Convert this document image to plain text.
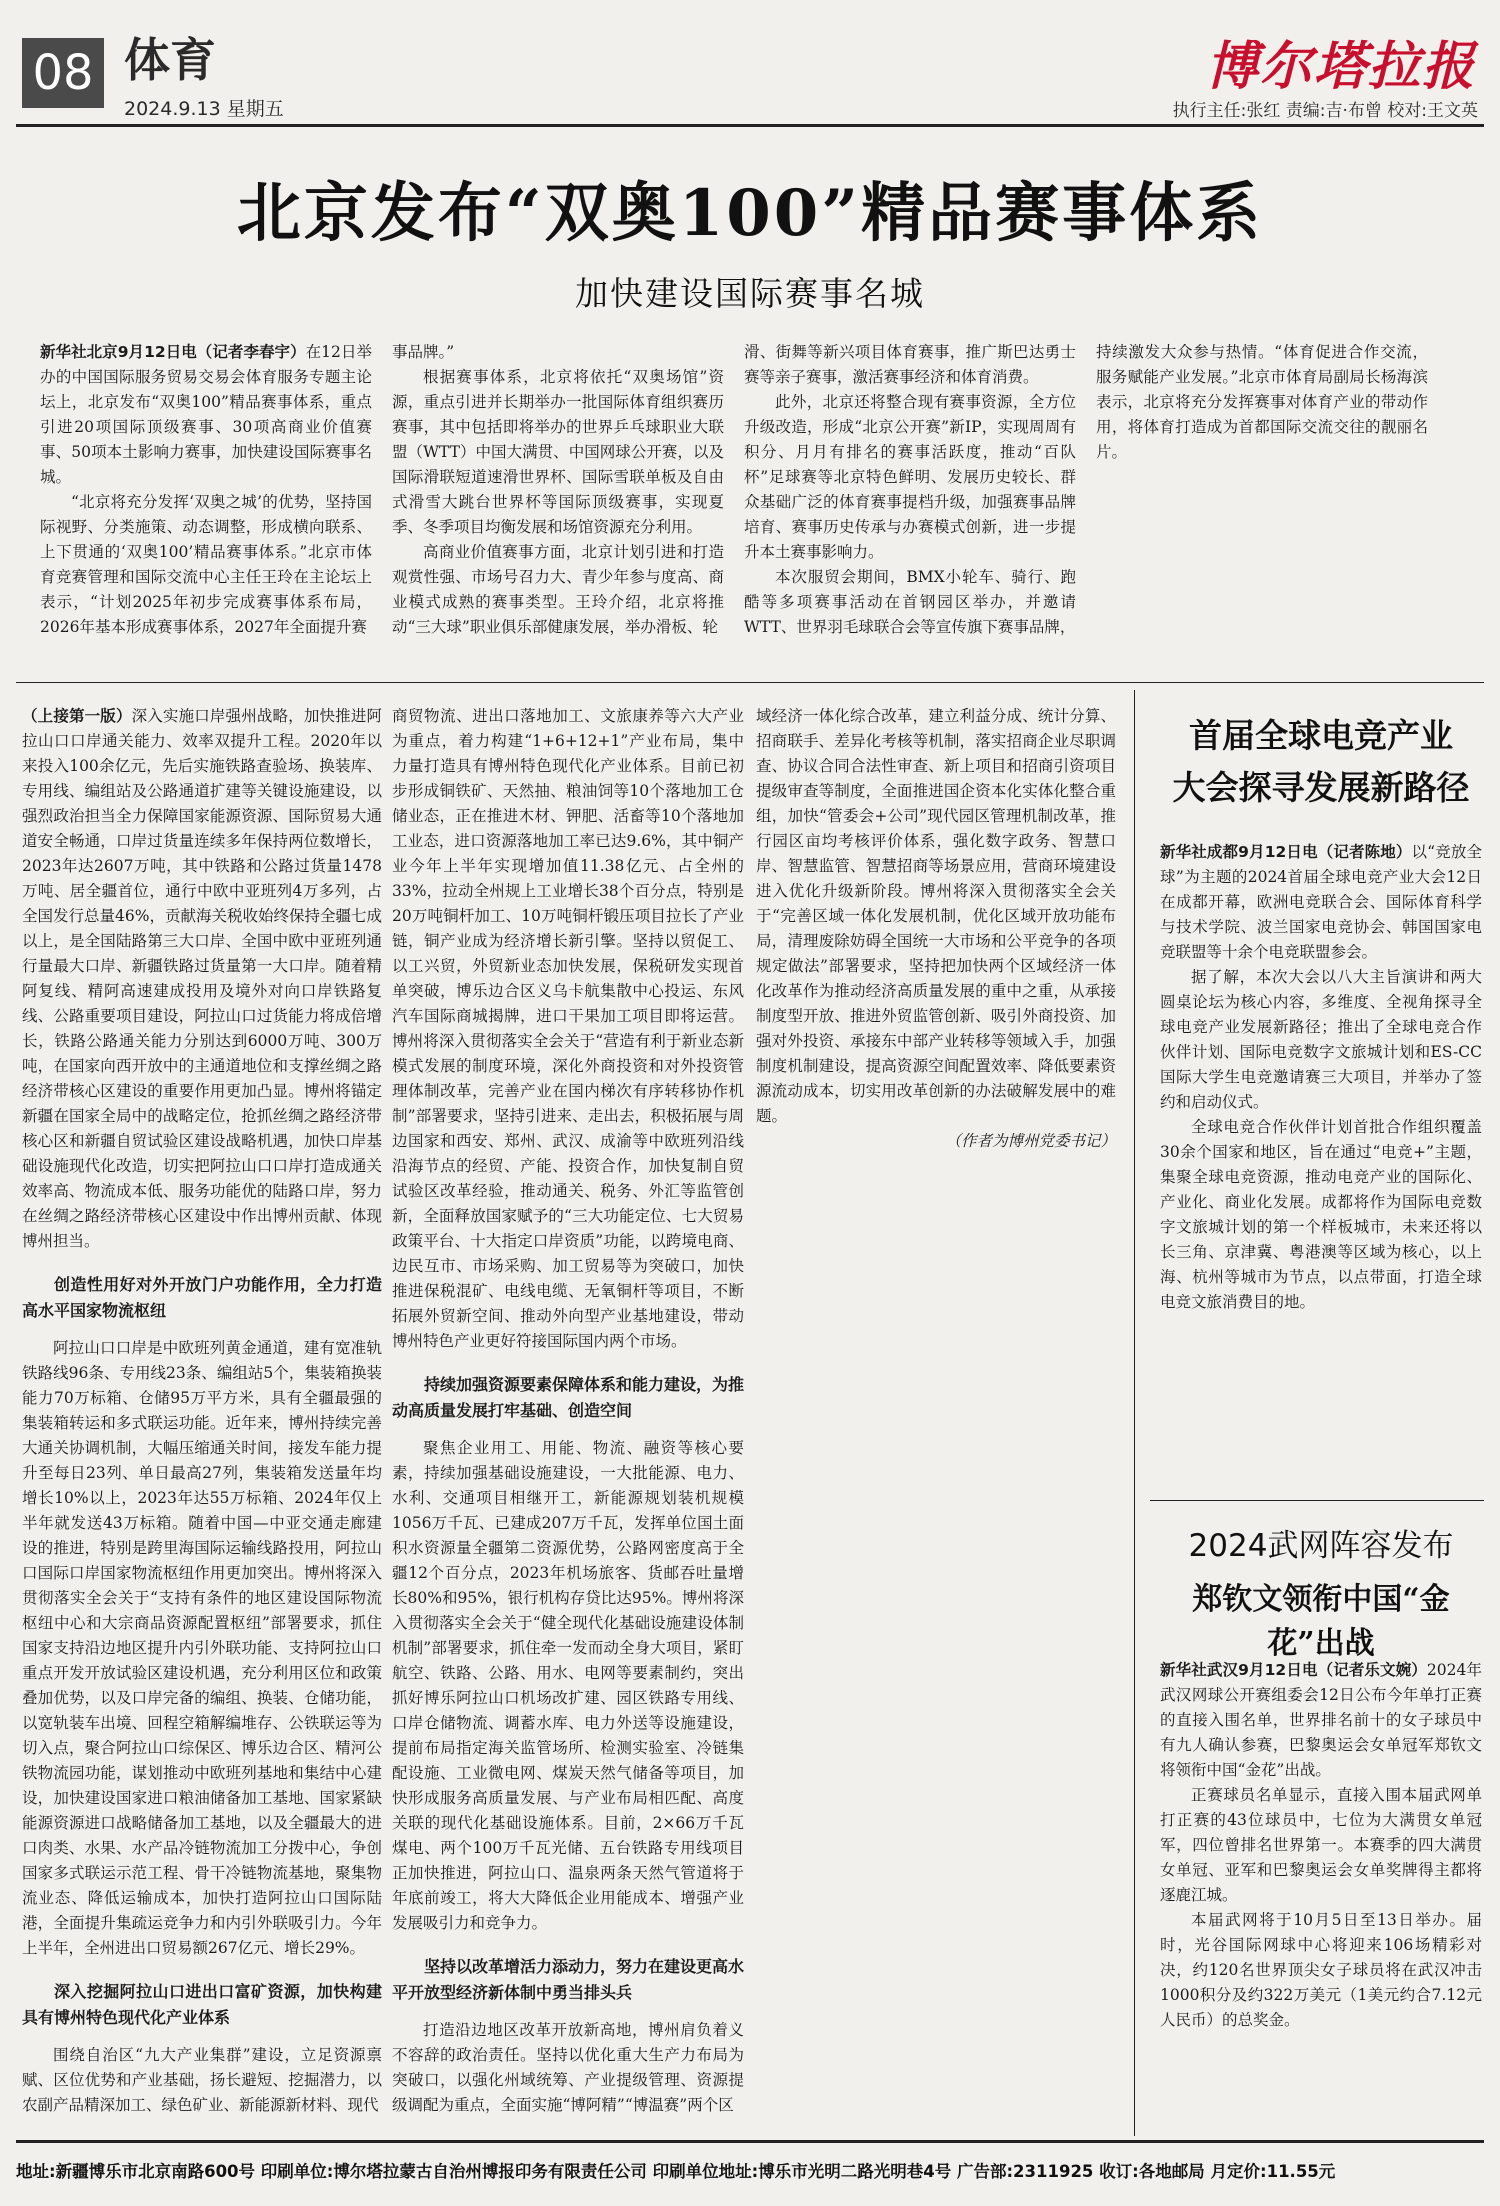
08 体育
2024.9.13 星期五
博尔塔拉报
执行主任:张红 责编:吉·布曾 校对:王文英
北京发布“双奥100”精品赛事体系
加快建设国际赛事名城

新华社北京9月12日电（记者李春宇）在12日举办的中国国际服务贸易交易会体育服务专题主论坛上，北京发布“双奥100”精品赛事体系，重点引进20项国际顶级赛事、30项高商业价值赛事、50项本土影响力赛事，加快建设国际赛事名城。

“北京将充分发挥‘双奥之城’的优势，坚持国际视野、分类施策、动态调整，形成横向联系、上下贯通的‘双奥100’精品赛事体系。”北京市体育竞赛管理和国际交流中心主任王玲在主论坛上表示，“计划2025年初步完成赛事体系布局，2026年基本形成赛事体系，2027年全面提升赛

事品牌。”

根据赛事体系，北京将依托“双奥场馆”资源，重点引进并长期举办一批国际体育组织赛历赛事，其中包括即将举办的世界乒乓球职业大联盟（WTT）中国大满贯、中国网球公开赛，以及国际滑联短道速滑世界杯、国际雪联单板及自由式滑雪大跳台世界杯等国际顶级赛事，实现夏季、冬季项目均衡发展和场馆资源充分利用。

高商业价值赛事方面，北京计划引进和打造观赏性强、市场号召力大、青少年参与度高、商业模式成熟的赛事类型。王玲介绍，北京将推动“三大球”职业俱乐部健康发展，举办滑板、轮

滑、街舞等新兴项目体育赛事，推广斯巴达勇士赛等亲子赛事，激活赛事经济和体育消费。

此外，北京还将整合现有赛事资源，全方位升级改造，形成“北京公开赛”新IP，实现周周有积分、月月有排名的赛事活跃度，推动“百队杯”足球赛等北京特色鲜明、发展历史较长、群众基础广泛的体育赛事提档升级，加强赛事品牌培育、赛事历史传承与办赛模式创新，进一步提升本土赛事影响力。

本次服贸会期间，BMX小轮车、骑行、跑酷等多项赛事活动在首钢园区举办，并邀请WTT、世界羽毛球联合会等宣传旗下赛事品牌，

持续激发大众参与热情。“体育促进合作交流，服务赋能产业发展。”北京市体育局副局长杨海滨表示，北京将充分发挥赛事对体育产业的带动作用，将体育打造成为首都国际交流交往的靓丽名片。

（上接第一版）深入实施口岸强州战略，加快推进阿拉山口口岸通关能力、效率双提升工程。2020年以来投入100余亿元，先后实施铁路查验场、换装库、专用线、编组站及公路通道扩建等关键设施建设，以强烈政治担当全力保障国家能源资源、国际贸易大通道安全畅通，口岸过货量连续多年保持两位数增长，2023年达2607万吨，其中铁路和公路过货量1478万吨、居全疆首位，通行中欧中亚班列4万多列，占全国发行总量46%，贡献海关税收始终保持全疆七成以上，是全国陆路第三大口岸、全国中欧中亚班列通行量最大口岸、新疆铁路过货量第一大口岸。随着精阿复线、精阿高速建成投用及境外对向口岸铁路复线、公路重要项目建设，阿拉山口过货能力将成倍增长，铁路公路通关能力分别达到6000万吨、300万吨，在国家向西开放中的主通道地位和支撑丝绸之路经济带核心区建设的重要作用更加凸显。博州将锚定新疆在国家全局中的战略定位，抢抓丝绸之路经济带核心区和新疆自贸试验区建设战略机遇，加快口岸基础设施现代化改造，切实把阿拉山口口岸打造成通关效率高、物流成本低、服务功能优的陆路口岸，努力在丝绸之路经济带核心区建设中作出博州贡献、体现博州担当。

创造性用好对外开放门户功能作用，全力打造高水平国家物流枢纽

阿拉山口口岸是中欧班列黄金通道，建有宽准轨铁路线96条、专用线23条、编组站5个，集装箱换装能力70万标箱、仓储95万平方米，具有全疆最强的集装箱转运和多式联运功能。近年来，博州持续完善大通关协调机制，大幅压缩通关时间，接发车能力提升至每日23列、单日最高27列，集装箱发送量年均增长10%以上，2023年达55万标箱、2024年仅上半年就发送43万标箱。随着中国—中亚交通走廊建设的推进，特别是跨里海国际运输线路投用，阿拉山口国际口岸国家物流枢纽作用更加突出。博州将深入贯彻落实全会关于“支持有条件的地区建设国际物流枢纽中心和大宗商品资源配置枢纽”部署要求，抓住国家支持沿边地区提升内引外联功能、支持阿拉山口重点开发开放试验区建设机遇，充分利用区位和政策叠加优势，以及口岸完备的编组、换装、仓储功能，以宽轨装车出境、回程空箱解编堆存、公铁联运等为切入点，聚合阿拉山口综保区、博乐边合区、精河公铁物流园功能，谋划推动中欧班列基地和集结中心建设，加快建设国家进口粮油储备加工基地、国家紧缺能源资源进口战略储备加工基地，以及全疆最大的进口肉类、水果、水产品冷链物流加工分拨中心，争创国家多式联运示范工程、骨干冷链物流基地，聚集物流业态、降低运输成本，加快打造阿拉山口国际陆港，全面提升集疏运竞争力和内引外联吸引力。今年上半年，全州进出口贸易额267亿元、增长29%。

深入挖掘阿拉山口进出口富矿资源，加快构建具有博州特色现代化产业体系

围绕自治区“九大产业集群”建设，立足资源禀赋、区位优势和产业基础，扬长避短、挖掘潜力，以农副产品精深加工、绿色矿业、新能源新材料、现代

商贸物流、进出口落地加工、文旅康养等六大产业为重点，着力构建“1+6+12+1”产业布局，集中力量打造具有博州特色现代化产业体系。目前已初步形成铜铁矿、天然抽、粮油饲等10个落地加工仓储业态，正在推进木材、钾肥、活畜等10个落地加工业态，进口资源落地加工率已达9.6%，其中铜产业今年上半年实现增加值11.38亿元、占全州的33%，拉动全州规上工业增长38个百分点，特别是20万吨铜杆加工、10万吨铜杆锻压项目拉长了产业链，铜产业成为经济增长新引擎。坚持以贸促工、以工兴贸，外贸新业态加快发展，保税研发实现首单突破，博乐边合区义乌卡航集散中心投运、东风汽车国际商城揭牌，进口干果加工项目即将运营。博州将深入贯彻落实全会关于“营造有利于新业态新模式发展的制度环境，深化外商投资和对外投资管理体制改革，完善产业在国内梯次有序转移协作机制”部署要求，坚持引进来、走出去，积极拓展与周边国家和西安、郑州、武汉、成渝等中欧班列沿线沿海节点的经贸、产能、投资合作，加快复制自贸试验区改革经验，推动通关、税务、外汇等监管创新，全面释放国家赋予的“三大功能定位、七大贸易政策平台、十大指定口岸资质”功能，以跨境电商、边民互市、市场采购、加工贸易等为突破口，加快推进保税混矿、电线电缆、无氧铜杆等项目，不断拓展外贸新空间、推动外向型产业基地建设，带动博州特色产业更好符接国际国内两个市场。

持续加强资源要素保障体系和能力建设，为推动高质量发展打牢基础、创造空间

聚焦企业用工、用能、物流、融资等核心要素，持续加强基础设施建设，一大批能源、电力、水利、交通项目相继开工，新能源规划装机规模1056万千瓦、已建成207万千瓦，发挥单位国土面积水资源量全疆第二资源优势，公路网密度高于全疆12个百分点，2023年机场旅客、货邮吞吐量增长80%和95%，银行机构存贷比达95%。博州将深入贯彻落实全会关于“健全现代化基础设施建设体制机制”部署要求，抓住牵一发而动全身大项目，紧盯航空、铁路、公路、用水、电网等要素制约，突出抓好博乐阿拉山口机场改扩建、园区铁路专用线、口岸仓储物流、调蓄水库、电力外送等设施建设，提前布局指定海关监管场所、检测实验室、冷链集配设施、工业微电网、煤炭天然气储备等项目，加快形成服务高质量发展、与产业布局相匹配、高度关联的现代化基础设施体系。目前，2×66万千瓦煤电、两个100万千瓦光储、五台铁路专用线项目正加快推进，阿拉山口、温泉两条天然气管道将于年底前竣工，将大大降低企业用能成本、增强产业发展吸引力和竞争力。

坚持以改革增活力添动力，努力在建设更高水平开放型经济新体制中勇当排头兵

打造沿边地区改革开放新高地，博州肩负着义不容辞的政治责任。坚持以优化重大生产力布局为突破口，以强化州域统筹、产业提级管理、资源提级调配为重点，全面实施“博阿精”“博温赛”两个区

域经济一体化综合改革，建立利益分成、统计分算、招商联手、差异化考核等机制，落实招商企业尽职调查、协议合同合法性审查、新上项目和招商引资项目提级审查等制度，全面推进国企资本化实体化整合重组，加快“管委会+公司”现代园区管理机制改革，推行园区亩均考核评价体系，强化数字政务、智慧口岸、智慧监管、智慧招商等场景应用，营商环境建设进入优化升级新阶段。博州将深入贯彻落实全会关于“完善区域一体化发展机制，优化区域开放功能布局，清理废除妨碍全国统一大市场和公平竞争的各项规定做法”部署要求，坚持把加快两个区域经济一体化改革作为推动经济高质量发展的重中之重，从承接制度型开放、推进外贸监管创新、吸引外商投资、加强对外投资、承接东中部产业转移等领域入手，加强制度机制建设，提高资源空间配置效率、降低要素资源流动成本，切实用改革创新的办法破解发展中的难题。

（作者为博州党委书记）

首届全球电竞产业
大会探寻发展新路径

新华社成都9月12日电（记者陈地）以“竞放全球”为主题的2024首届全球电竞产业大会12日在成都开幕，欧洲电竞联合会、国际体育科学与技术学院、波兰国家电竞协会、韩国国家电竞联盟等十余个电竞联盟参会。

据了解，本次大会以八大主旨演讲和两大圆桌论坛为核心内容，多维度、全视角探寻全球电竞产业发展新路径；推出了全球电竞合作伙伴计划、国际电竞数字文旅城计划和ES-CC国际大学生电竞邀请赛三大项目，并举办了签约和启动仪式。

全球电竞合作伙伴计划首批合作组织覆盖30余个国家和地区，旨在通过“电竞+”主题，集聚全球电竞资源，推动电竞产业的国际化、产业化、商业化发展。成都将作为国际电竞数字文旅城计划的第一个样板城市，未来还将以长三角、京津冀、粤港澳等区域为核心，以上海、杭州等城市为节点，以点带面，打造全球电竞文旅消费目的地。

2024武网阵容发布
郑钦文领衔中国“金花”出战

新华社武汉9月12日电（记者乐文婉）2024年武汉网球公开赛组委会12日公布今年单打正赛的直接入围名单，世界排名前十的女子球员中有九人确认参赛，巴黎奥运会女单冠军郑钦文将领衔中国“金花”出战。

正赛球员名单显示，直接入围本届武网单打正赛的43位球员中，七位为大满贯女单冠军，四位曾排名世界第一。本赛季的四大满贯女单冠、亚军和巴黎奥运会女单奖牌得主都将逐鹿江城。

本届武网将于10月5日至13日举办。届时，光谷国际网球中心将迎来106场精彩对决，约120名世界顶尖女子球员将在武汉冲击1000积分及约322万美元（1美元约合7.12元人民币）的总奖金。

地址:新疆博乐市北京南路600号 印刷单位:博尔塔拉蒙古自治州博报印务有限责任公司 印刷单位地址:博乐市光明二路光明巷4号 广告部:2311925 收订:各地邮局 月定价:11.55元
